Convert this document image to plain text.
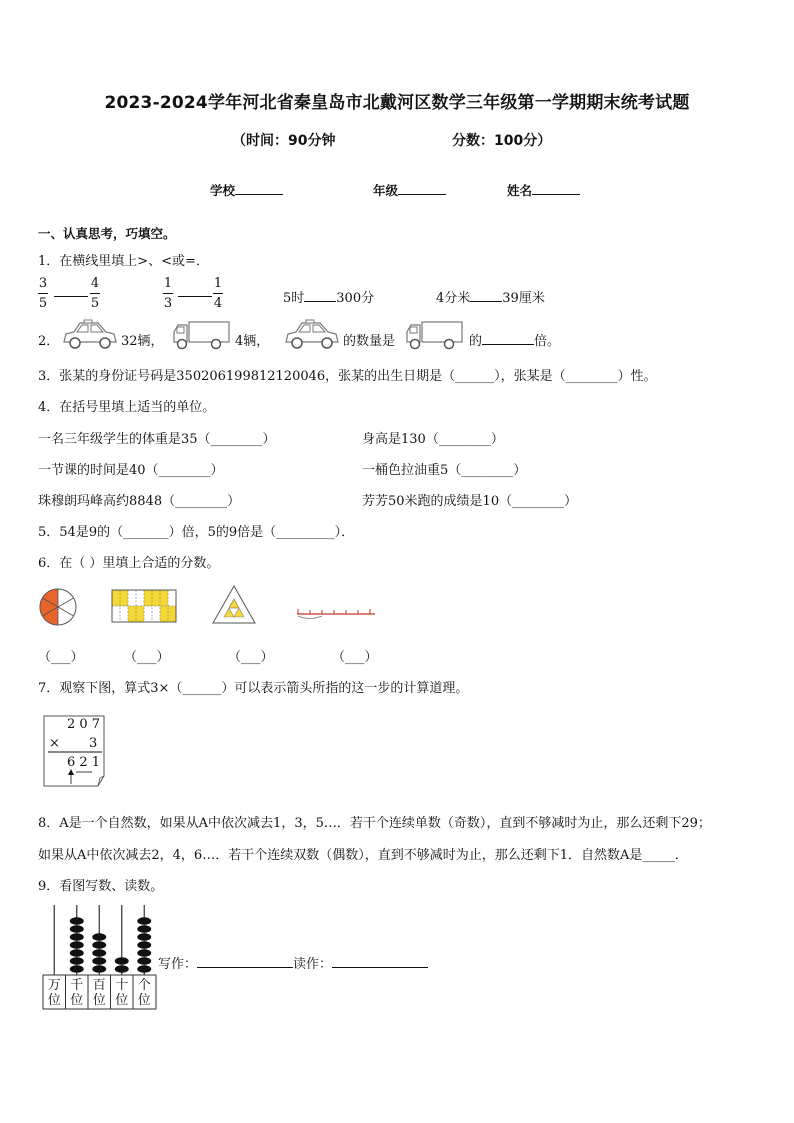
2023-2024学年河北省秦皇岛市北戴河区数学三年级第一学期期末统考试题
（时间：90分钟	分数：100分）
学校	年级	姓名
一、认真思考，巧填空。
1．在横线里填上>、<或=．
3
5
4
5
1
3
1
4	5时 300分	4分米 39厘米
2．	32辆，	4辆，	的数量是	的	倍。
3．张某的身份证号码是350206199812120046，张某的出生日期是（______），张某是（________）性。
4．在括号里填上适当的单位。
一名三年级学生的体重是35（________）	身高是130（________）
一节课的时间是40（________）	一桶色拉油重5（________）
珠穆朗玛峰高约8848（________）	芳芳50米跑的成绩是10（________）
5．54是9的（_______）倍，5的9倍是（_________）．
6．在（ ）里填上合适的分数。
（___）	（___）	（___）	（___）
7．观察下图，算式3×（______）可以表示箭头所指的这一步的计算道理。
2 0 7
× 3
6 2 1
8．A是一个自然数，如果从A中依次减去1，3，5…．若干个连续单数（奇数），直到不够减时为止，那么还剩下29；
如果从A中依次减去2，4，6…．若干个连续双数（偶数），直到不够减时为止，那么还剩下1．自然数A是_____．
9．看图写数、读数。
万
位
千
位
百
位
十
位
个
位
写作：	读作：
